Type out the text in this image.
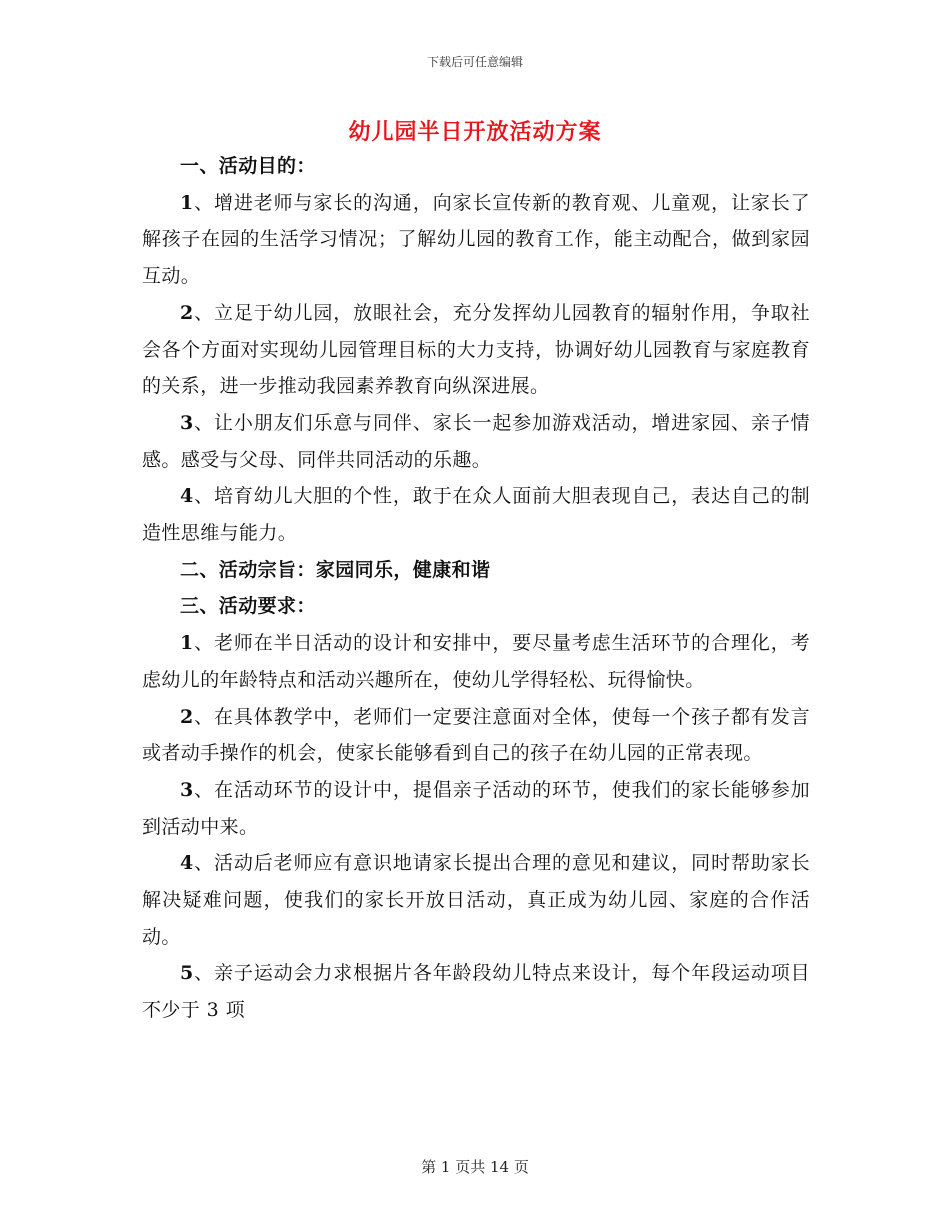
下载后可任意编辑
幼儿园半日开放活动方案

一、活动目的：

1、增进老师与家长的沟通，向家长宣传新的教育观、儿童观，让家长了解孩子在园的生活学习情况；了解幼儿园的教育工作，能主动配合，做到家园互动。

2、立足于幼儿园，放眼社会，充分发挥幼儿园教育的辐射作用，争取社会各个方面对实现幼儿园管理目标的大力支持，协调好幼儿园教育与家庭教育的关系，进一步推动我园素养教育向纵深进展。

3、让小朋友们乐意与同伴、家长一起参加游戏活动，增进家园、亲子情感。感受与父母、同伴共同活动的乐趣。

4、培育幼儿大胆的个性，敢于在众人面前大胆表现自己，表达自己的制造性思维与能力。

二、活动宗旨：家园同乐，健康和谐

三、活动要求：

1、老师在半日活动的设计和安排中，要尽量考虑生活环节的合理化，考虑幼儿的年龄特点和活动兴趣所在，使幼儿学得轻松、玩得愉快。

2、在具体教学中，老师们一定要注意面对全体，使每一个孩子都有发言或者动手操作的机会，使家长能够看到自己的孩子在幼儿园的正常表现。

3、在活动环节的设计中，提倡亲子活动的环节，使我们的家长能够参加到活动中来。

4、活动后老师应有意识地请家长提出合理的意见和建议，同时帮助家长解决疑难问题，使我们的家长开放日活动，真正成为幼儿园、家庭的合作活动。

5、亲子运动会力求根据片各年龄段幼儿特点来设计，每个年段运动项目不少于 3 项

第 1 页共 14 页
